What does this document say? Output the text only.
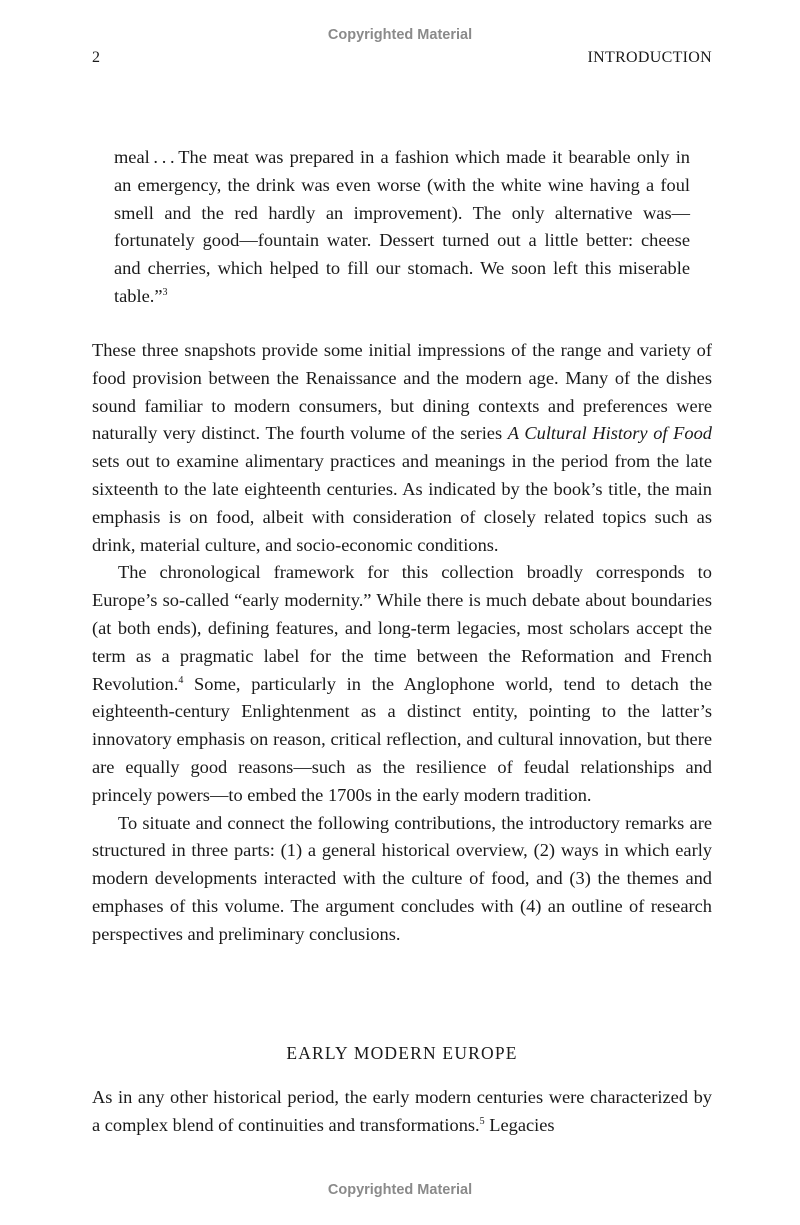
Copyrighted Material
2	INTRODUCTION
meal . . . The meat was prepared in a fashion which made it bearable only in an emergency, the drink was even worse (with the white wine having a foul smell and the red hardly an improvement). The only alternative was—fortunately good—fountain water. Dessert turned out a little better: cheese and cherries, which helped to fill our stomach. We soon left this miserable table.”$^3$

These three snapshots provide some initial impressions of the range and variety of food provision between the Renaissance and the modern age. Many of the dishes sound familiar to modern consumers, but dining contexts and preferences were naturally very distinct. The fourth volume of the series A Cultural History of Food sets out to examine alimentary practices and meanings in the period from the late sixteenth to the late eighteenth centuries. As indicated by the book’s title, the main emphasis is on food, albeit with consideration of closely related topics such as drink, material culture, and socio-economic conditions.

The chronological framework for this collection broadly corresponds to Europe’s so-called “early modernity.” While there is much debate about boundaries (at both ends), defining features, and long-term legacies, most scholars accept the term as a pragmatic label for the time between the Reformation and French Revolution.$^4$ Some, particularly in the Anglophone world, tend to detach the eighteenth-century Enlightenment as a distinct entity, pointing to the latter’s innovatory emphasis on reason, critical reflection, and cultural innovation, but there are equally good reasons—such as the resilience of feudal relationships and princely powers—to embed the 1700s in the early modern tradition.

To situate and connect the following contributions, the introductory remarks are structured in three parts: (1) a general historical overview, (2) ways in which early modern developments interacted with the culture of food, and (3) the themes and emphases of this volume. The argument concludes with (4) an outline of research perspectives and preliminary conclusions.

EARLY MODERN EUROPE
As in any other historical period, the early modern centuries were characterized by a complex blend of continuities and transformations.$^5$ Legacies
Copyrighted Material
